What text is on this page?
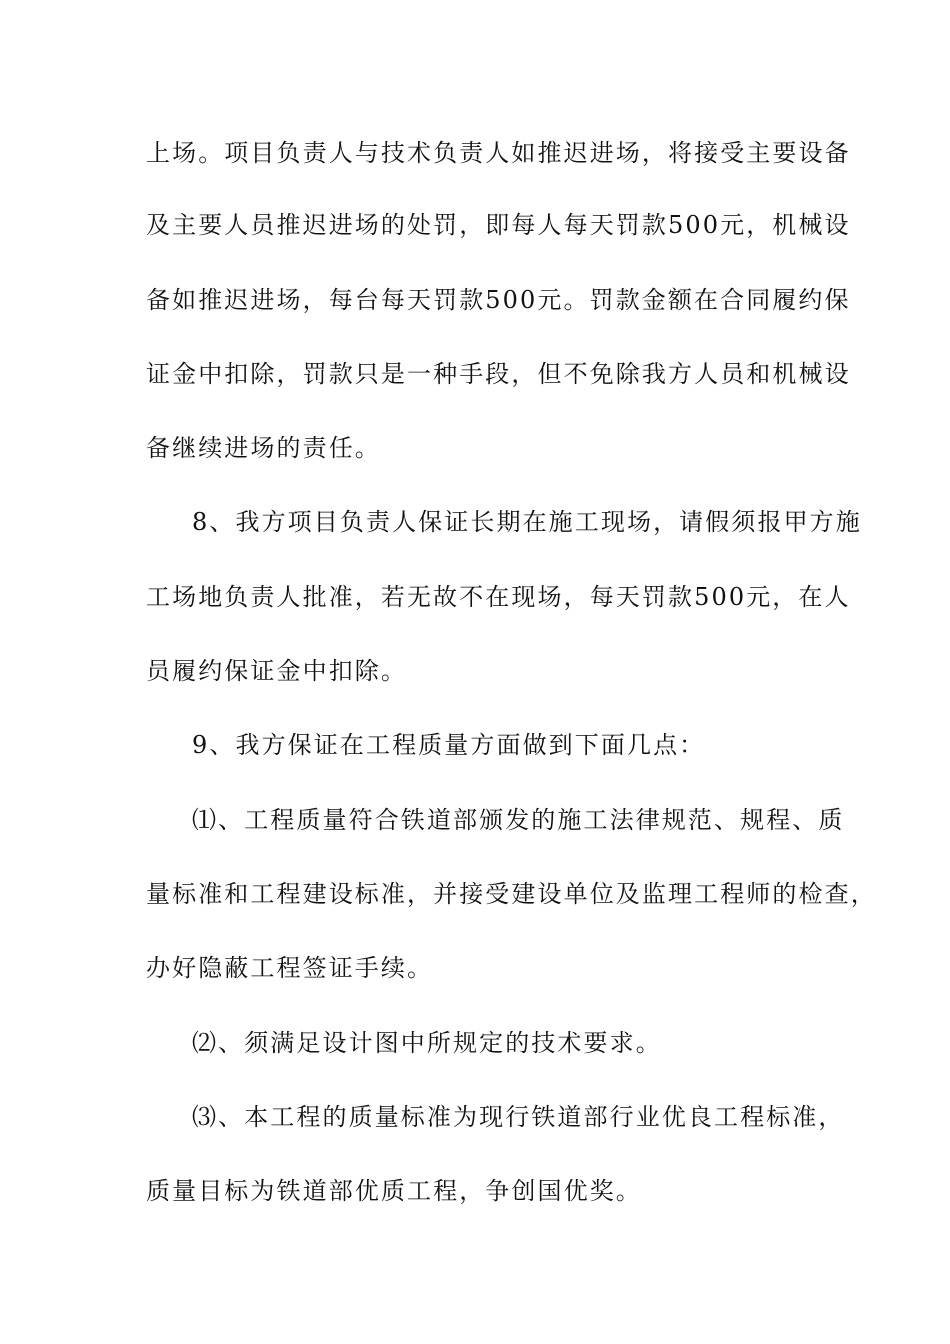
上场。项目负责人与技术负责人如推迟进场，将接受主要设备
及主要人员推迟进场的处罚，即每人每天罚款500元，机械设
备如推迟进场，每台每天罚款500元。罚款金额在合同履约保
证金中扣除，罚款只是一种手段，但不免除我方人员和机械设
备继续进场的责任。
8、我方项目负责人保证长期在施工现场，请假须报甲方施
工场地负责人批准，若无故不在现场，每天罚款500元，在人
员履约保证金中扣除。
9、我方保证在工程质量方面做到下面几点：
⑴、工程质量符合铁道部颁发的施工法律规范、规程、质
量标准和工程建设标准，并接受建设单位及监理工程师的检查，
办好隐蔽工程签证手续。
⑵、须满足设计图中所规定的技术要求。
⑶、本工程的质量标准为现行铁道部行业优良工程标准，
质量目标为铁道部优质工程，争创国优奖。
